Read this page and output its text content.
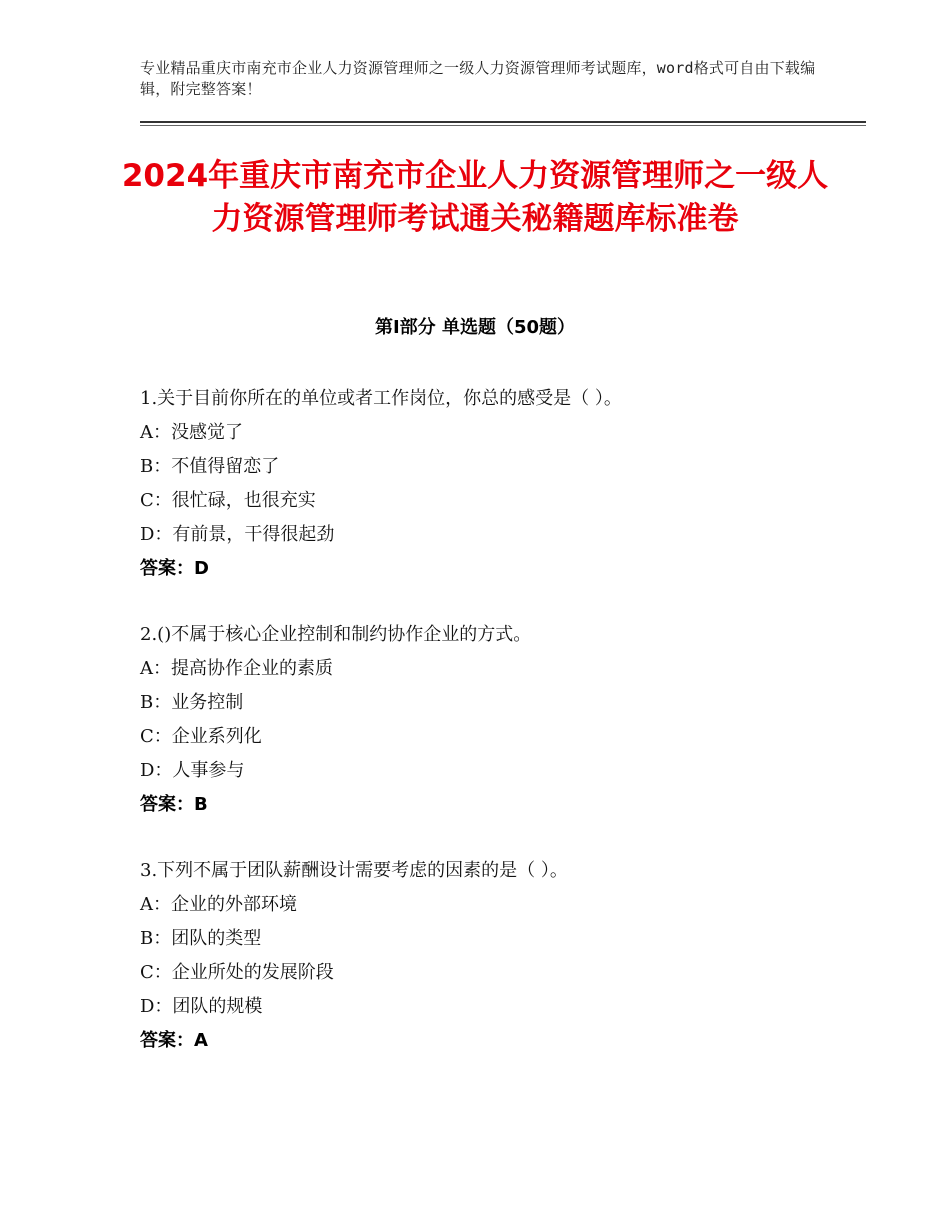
专业精品重庆市南充市企业人力资源管理师之一级人力资源管理师考试题库，word格式可自由下载编辑，附完整答案！
2024年重庆市南充市企业人力资源管理师之一级人力资源管理师考试通关秘籍题库标准卷
第Ⅰ部分 单选题（50题）
1.关于目前你所在的单位或者工作岗位，你总的感受是（ ）。
A：没感觉了
B：不值得留恋了
C：很忙碌，也很充实
D：有前景，干得很起劲
答案：D
2.()不属于核心企业控制和制约协作企业的方式。
A：提高协作企业的素质
B：业务控制
C：企业系列化
D：人事参与
答案：B
3.下列不属于团队薪酬设计需要考虑的因素的是（ ）。
A：企业的外部环境
B：团队的类型
C：企业所处的发展阶段
D：团队的规模
答案：A
